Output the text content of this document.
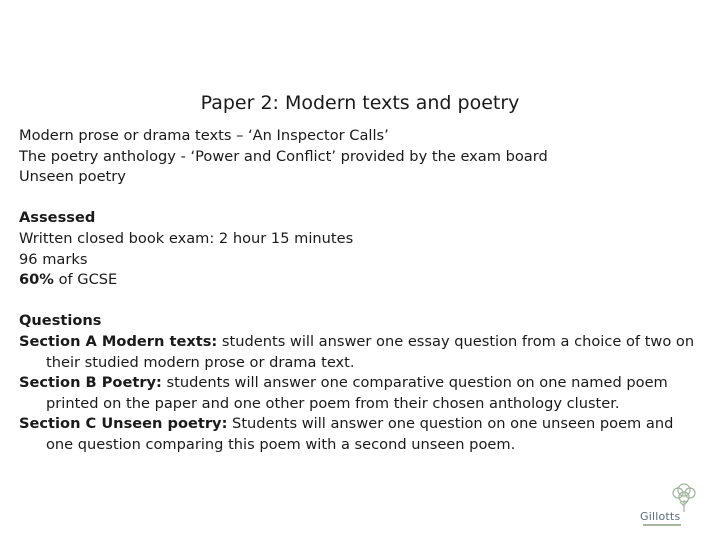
Paper 2: Modern texts and poetry
Modern prose or drama texts – ‘An Inspector Calls’
The poetry anthology - ‘Power and Conflict’ provided by the exam board
Unseen poetry
Assessed
Written closed book exam: 2 hour 15 minutes
96 marks
60% of GCSE
Questions
Section A Modern texts: students will answer one essay question from a choice of two on their studied modern prose or drama text.
Section B Poetry: students will answer one comparative question on one named poem printed on the paper and one other poem from their chosen anthology cluster.
Section C Unseen poetry: Students will answer one question on one unseen poem and one question comparing this poem with a second unseen poem.
Gillotts
